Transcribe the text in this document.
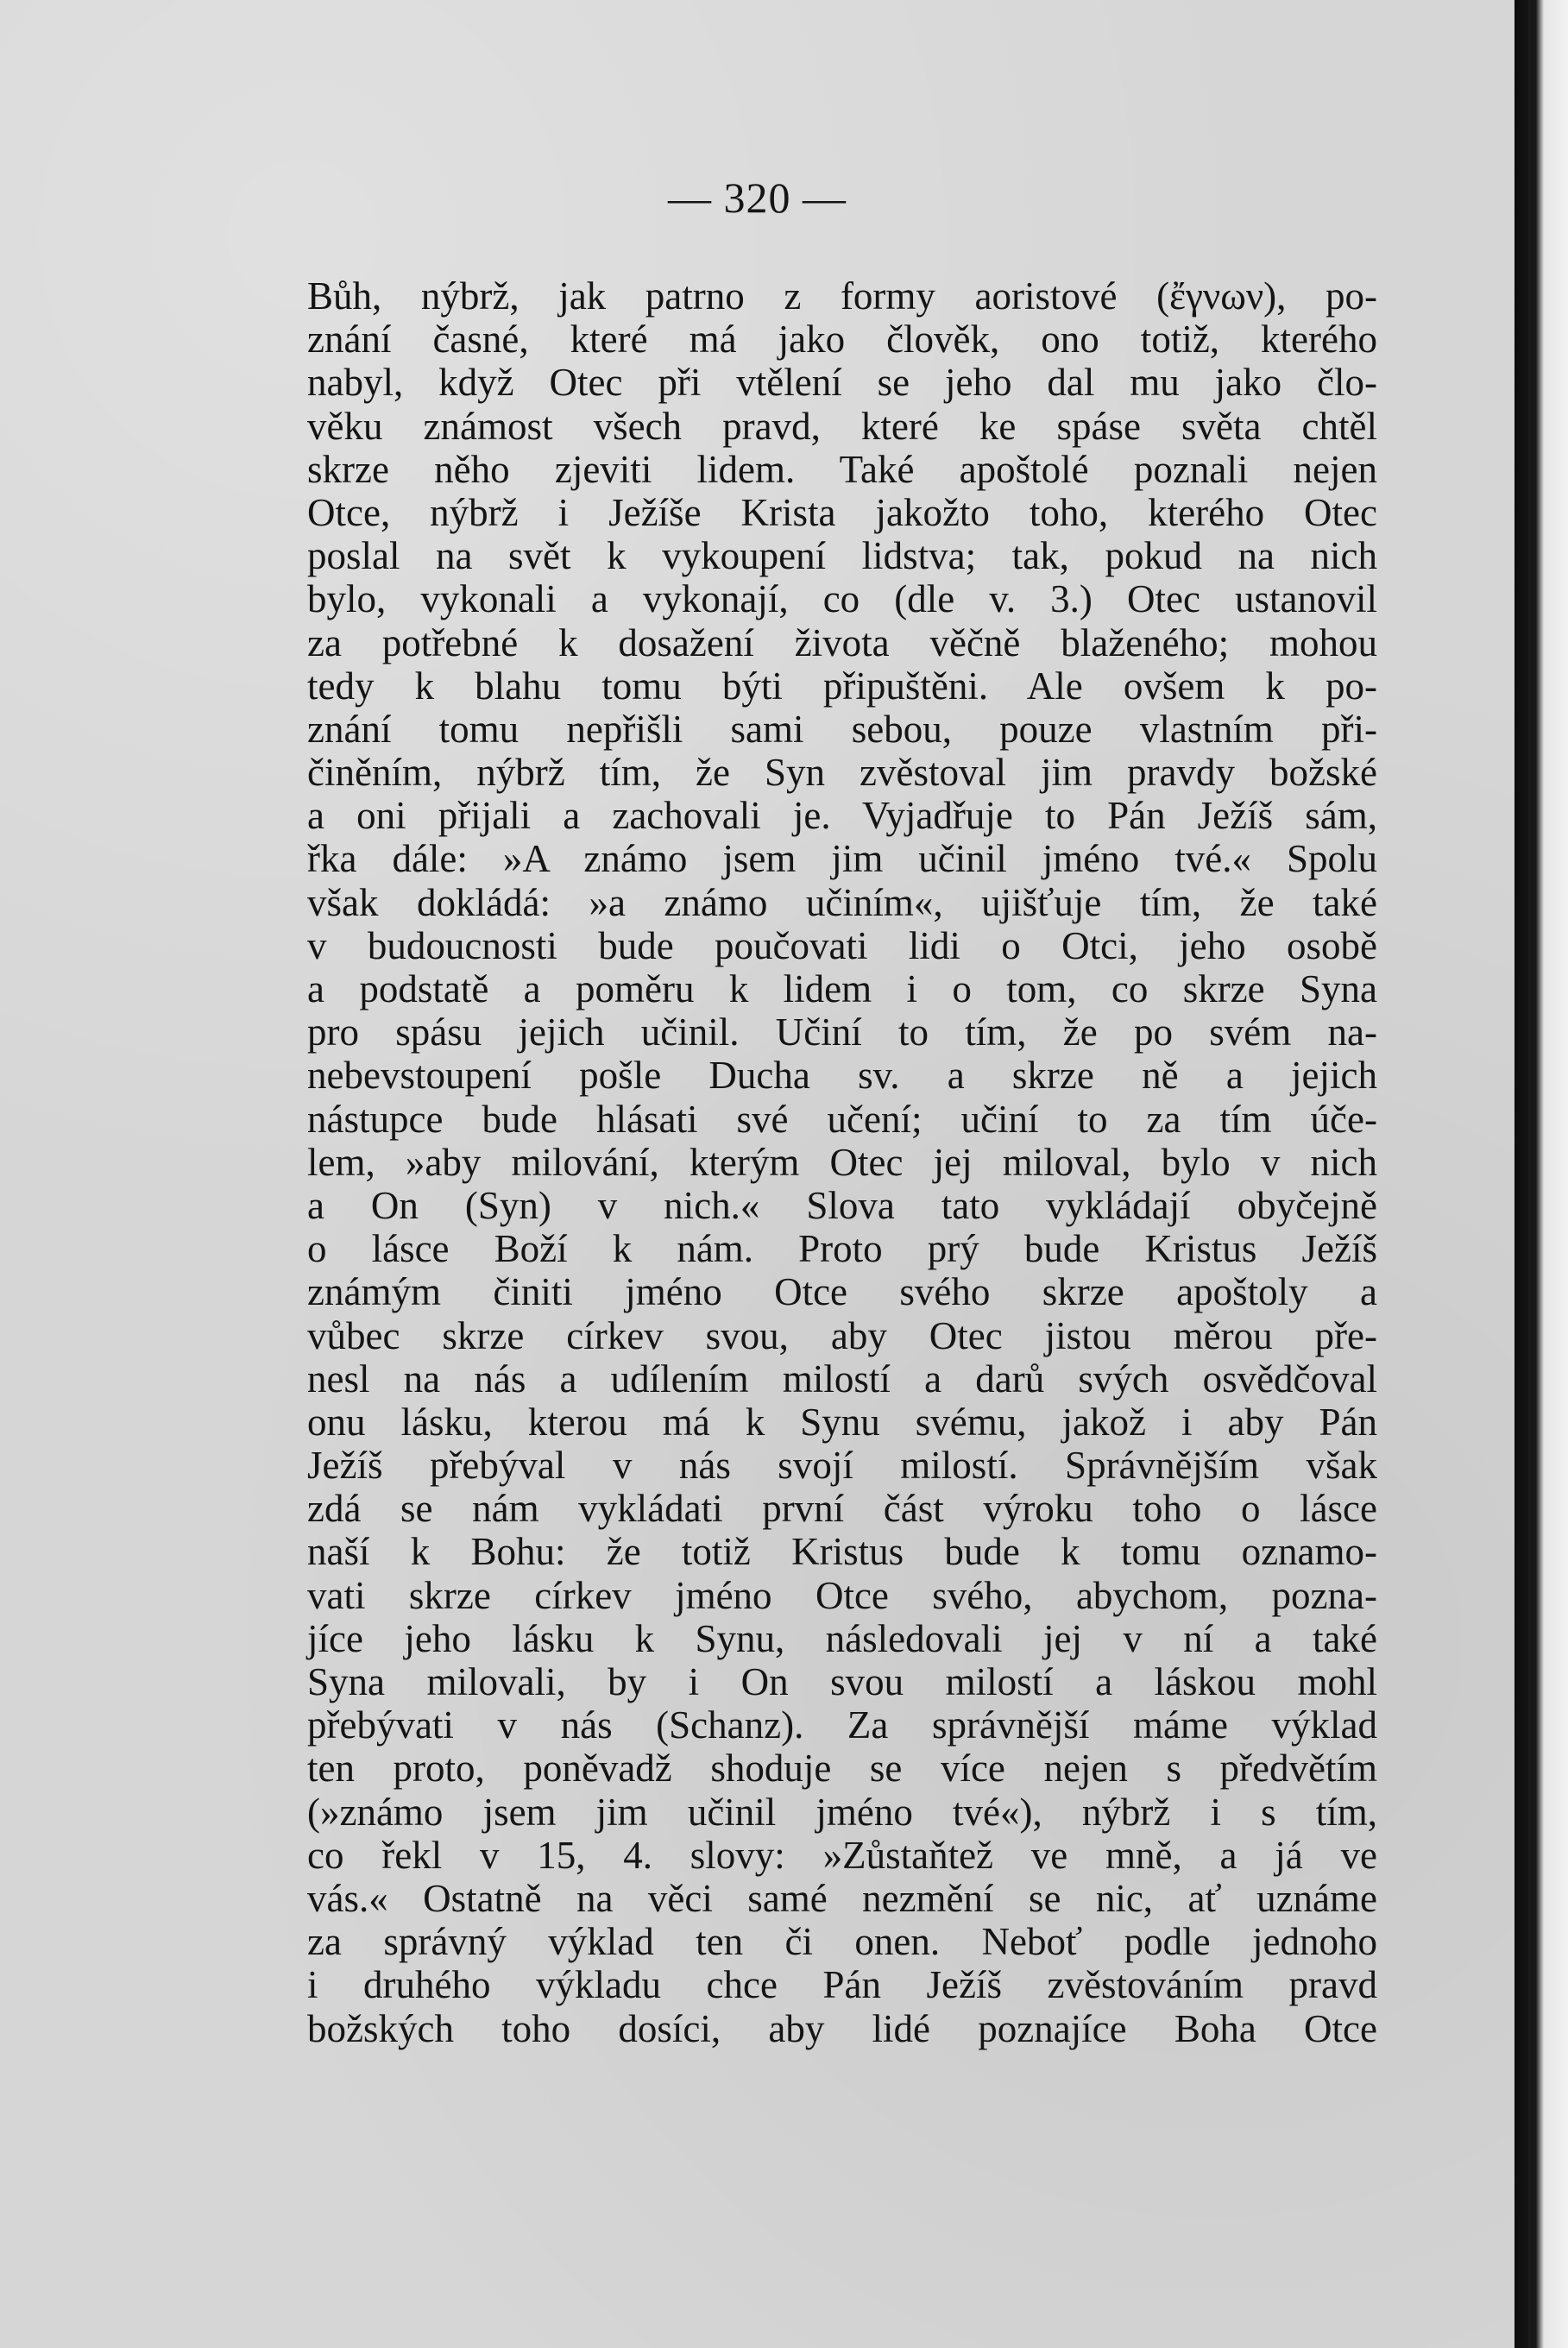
— 320 —
Bůh, nýbrž, jak patrno z formy aoristové (ἔγνων), po-
znání časné, které má jako člověk, ono totiž, kterého
nabyl, když Otec při vtělení se jeho dal mu jako člo-
věku známost všech pravd, které ke spáse světa chtěl
skrze něho zjeviti lidem. Také apoštolé poznali nejen
Otce, nýbrž i Ježíše Krista jakožto toho, kterého Otec
poslal na svět k vykoupení lidstva; tak, pokud na nich
bylo, vykonali a vykonají, co (dle v. 3.) Otec ustanovil
za potřebné k dosažení života věčně blaženého; mohou
tedy k blahu tomu býti připuštěni. Ale ovšem k po-
znání tomu nepřišli sami sebou, pouze vlastním při-
činěním, nýbrž tím, že Syn zvěstoval jim pravdy božské
a oni přijali a zachovali je. Vyjadřuje to Pán Ježíš sám,
řka dále: »A známo jsem jim učinil jméno tvé.« Spolu
však dokládá: »a známo učiním«, ujišťuje tím, že také
v budoucnosti bude poučovati lidi o Otci, jeho osobě
a podstatě a poměru k lidem i o tom, co skrze Syna
pro spásu jejich učinil. Učiní to tím, že po svém na-
nebevstoupení pošle Ducha sv. a skrze ně a jejich
nástupce bude hlásati své učení; učiní to za tím úče-
lem, »aby milování, kterým Otec jej miloval, bylo v nich
a On (Syn) v nich.« Slova tato vykládají obyčejně
o lásce Boží k nám. Proto prý bude Kristus Ježíš
známým činiti jméno Otce svého skrze apoštoly a
vůbec skrze církev svou, aby Otec jistou měrou pře-
nesl na nás a udílením milostí a darů svých osvědčoval
onu lásku, kterou má k Synu svému, jakož i aby Pán
Ježíš přebýval v nás svojí milostí. Správnějším však
zdá se nám vykládati první část výroku toho o lásce
naší k Bohu: že totiž Kristus bude k tomu oznamo-
vati skrze církev jméno Otce svého, abychom, pozna-
jíce jeho lásku k Synu, následovali jej v ní a také
Syna milovali, by i On svou milostí a láskou mohl
přebývati v nás (Schanz). Za správnější máme výklad
ten proto, poněvadž shoduje se více nejen s předvětím
(»známo jsem jim učinil jméno tvé«), nýbrž i s tím,
co řekl v 15, 4. slovy: »Zůstaňtež ve mně, a já ve
vás.« Ostatně na věci samé nezmění se nic, ať uznáme
za správný výklad ten či onen. Neboť podle jednoho
i druhého výkladu chce Pán Ježíš zvěstováním pravd
božských toho dosíci, aby lidé poznajíce Boha Otce
